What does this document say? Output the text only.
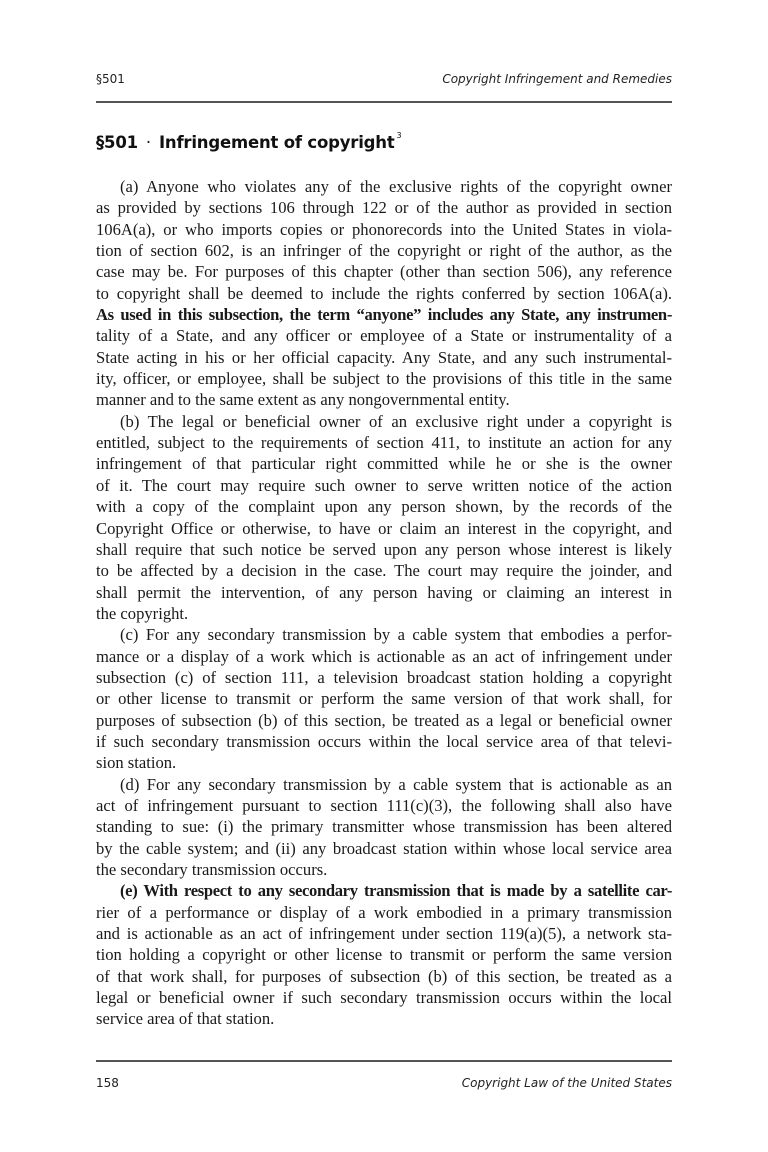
§501	Copyright Infringement and Remedies
§501 · Infringement of copyright $^3$
(a) Anyone who violates any of the exclusive rights of the copyright owner
as provided by sections 106 through 122 or of the author as provided in section
106A(a), or who imports copies or phonorecords into the United States in viola-
tion of section 602, is an infringer of the copyright or right of the author, as the
case may be. For purposes of this chapter (other than section 506), any reference
to copyright shall be deemed to include the rights conferred by section 106A(a).
As used in this subsection, the term “anyone” includes any State, any instrumen-
tality of a State, and any officer or employee of a State or instrumentality of a
State acting in his or her official capacity. Any State, and any such instrumental-
ity, officer, or employee, shall be subject to the provisions of this title in the same
manner and to the same extent as any nongovernmental entity.
(b) The legal or beneficial owner of an exclusive right under a copyright is
entitled, subject to the requirements of section 411, to institute an action for any
infringement of that particular right committed while he or she is the owner
of it. The court may require such owner to serve written notice of the action
with a copy of the complaint upon any person shown, by the records of the
Copyright Office or otherwise, to have or claim an interest in the copyright, and
shall require that such notice be served upon any person whose interest is likely
to be affected by a decision in the case. The court may require the joinder, and
shall permit the intervention, of any person having or claiming an interest in
the copyright.
(c) For any secondary transmission by a cable system that embodies a perfor-
mance or a display of a work which is actionable as an act of infringement under
subsection (c) of section 111, a television broadcast station holding a copyright
or other license to transmit or perform the same version of that work shall, for
purposes of subsection (b) of this section, be treated as a legal or beneficial owner
if such secondary transmission occurs within the local service area of that televi-
sion station.
(d) For any secondary transmission by a cable system that is actionable as an
act of infringement pursuant to section 111(c)(3), the following shall also have
standing to sue: (i) the primary transmitter whose transmission has been altered
by the cable system; and (ii) any broadcast station within whose local service area
the secondary transmission occurs.
(e) With respect to any secondary transmission that is made by a satellite car-
rier of a performance or display of a work embodied in a primary transmission
and is actionable as an act of infringement under section 119(a)(5), a network sta-
tion holding a copyright or other license to transmit or perform the same version
of that work shall, for purposes of subsection (b) of this section, be treated as a
legal or beneficial owner if such secondary transmission occurs within the local
service area of that station.
158	Copyright Law of the United States
